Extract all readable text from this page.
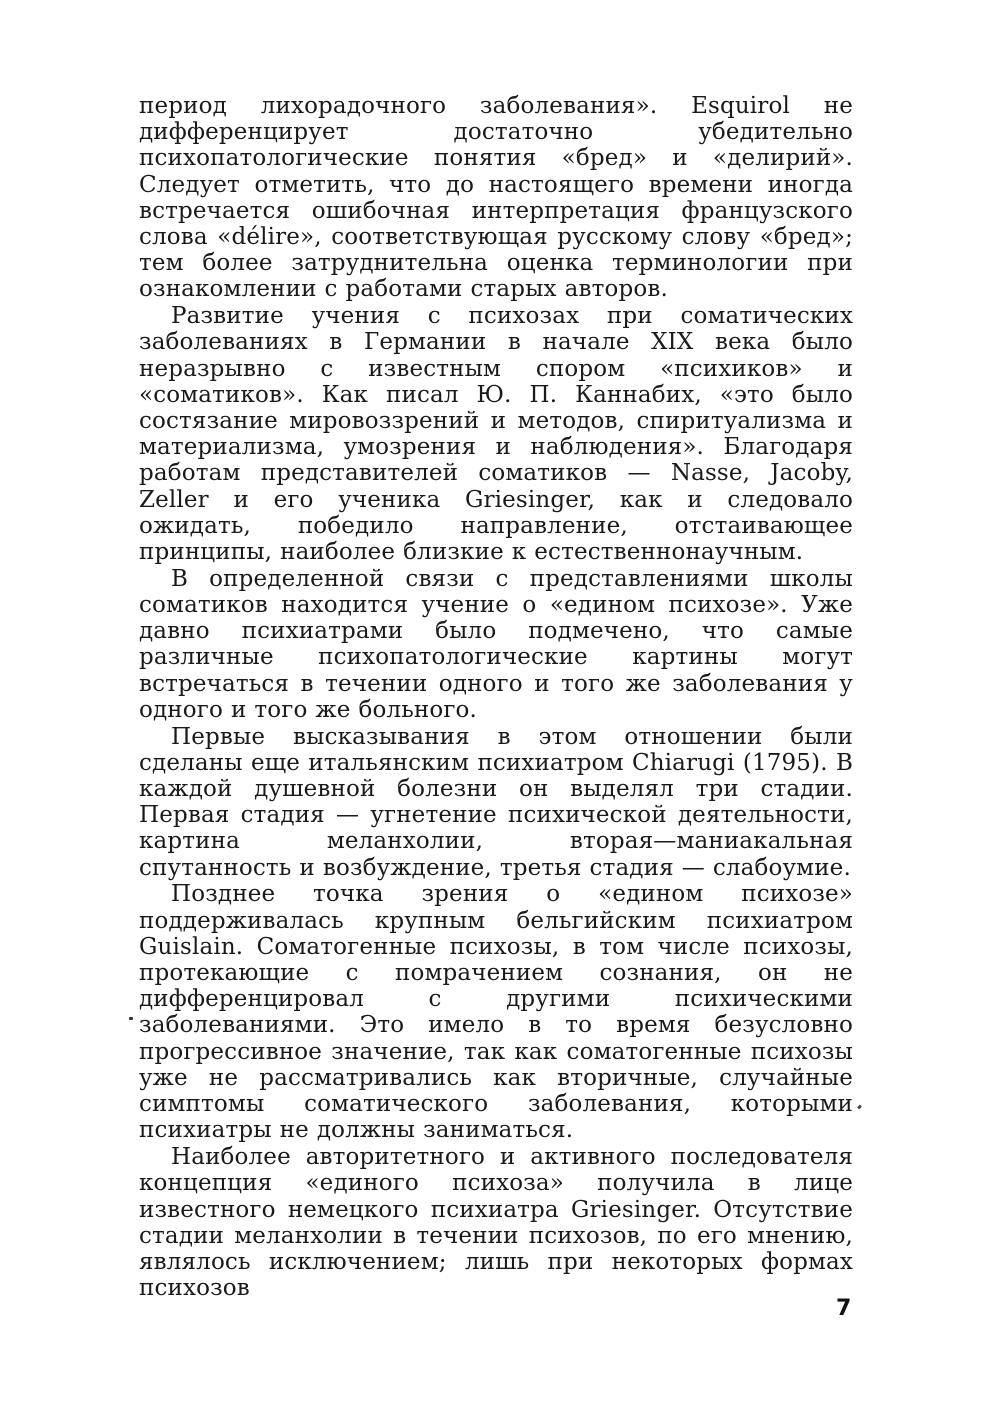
период лихорадочного заболевания». Esquirol не дифференцирует достаточно убедительно психопатологические понятия «бред» и «делирий». Следует отметить, что до настоящего времени иногда встречается ошибочная интерпретация французского слова «délire», соответствующая русскому слову «бред»; тем более затруднительна оценка терминологии при ознакомлении с работами старых авторов.

Развитие учения с психозах при соматических заболеваниях в Германии в начале XIX века было неразрывно с известным спором «психиков» и «соматиков». Как писал Ю. П. Каннабих, «это было состязание мировоззрений и методов, спиритуализма и материализма, умозрения и наблюдения». Благодаря работам представителей соматиков — Nasse, Jacoby, Zeller и его ученика Griesinger, как и следовало ожидать, победило направление, отстаивающее принципы, наиболее близкие к естественнонаучным.

В определенной связи с представлениями школы соматиков находится учение о «едином психозе». Уже давно психиатрами было подмечено, что самые различные психопатологические картины могут встречаться в течении одного и того же заболевания у одного и того же больного.

Первые высказывания в этом отношении были сделаны еще итальянским психиатром Chiarugi (1795). В каждой душевной болезни он выделял три стадии. Первая стадия — угнетение психической деятельности, картина меланхолии, вторая—маниакальная спутанность и возбуждение, третья стадия — слабоумие.

Позднее точка зрения о «едином психозе» поддерживалась крупным бельгийским психиатром Guislain. Соматогенные психозы, в том числе психозы, протекающие с помрачением сознания, он не дифференцировал с другими психическими заболеваниями. Это имело в то время безусловно прогрессивное значение, так как соматогенные психозы уже не рассматривались как вторичные, случайные симптомы соматического заболевания, которыми психиатры не должны заниматься.

Наиболее авторитетного и активного последователя концепция «единого психоза» получила в лице известного немецкого психиатра Griesinger. Отсутствие стадии меланхолии в течении психозов, по его мнению, являлось исключением; лишь при некоторых формах психозов

7
